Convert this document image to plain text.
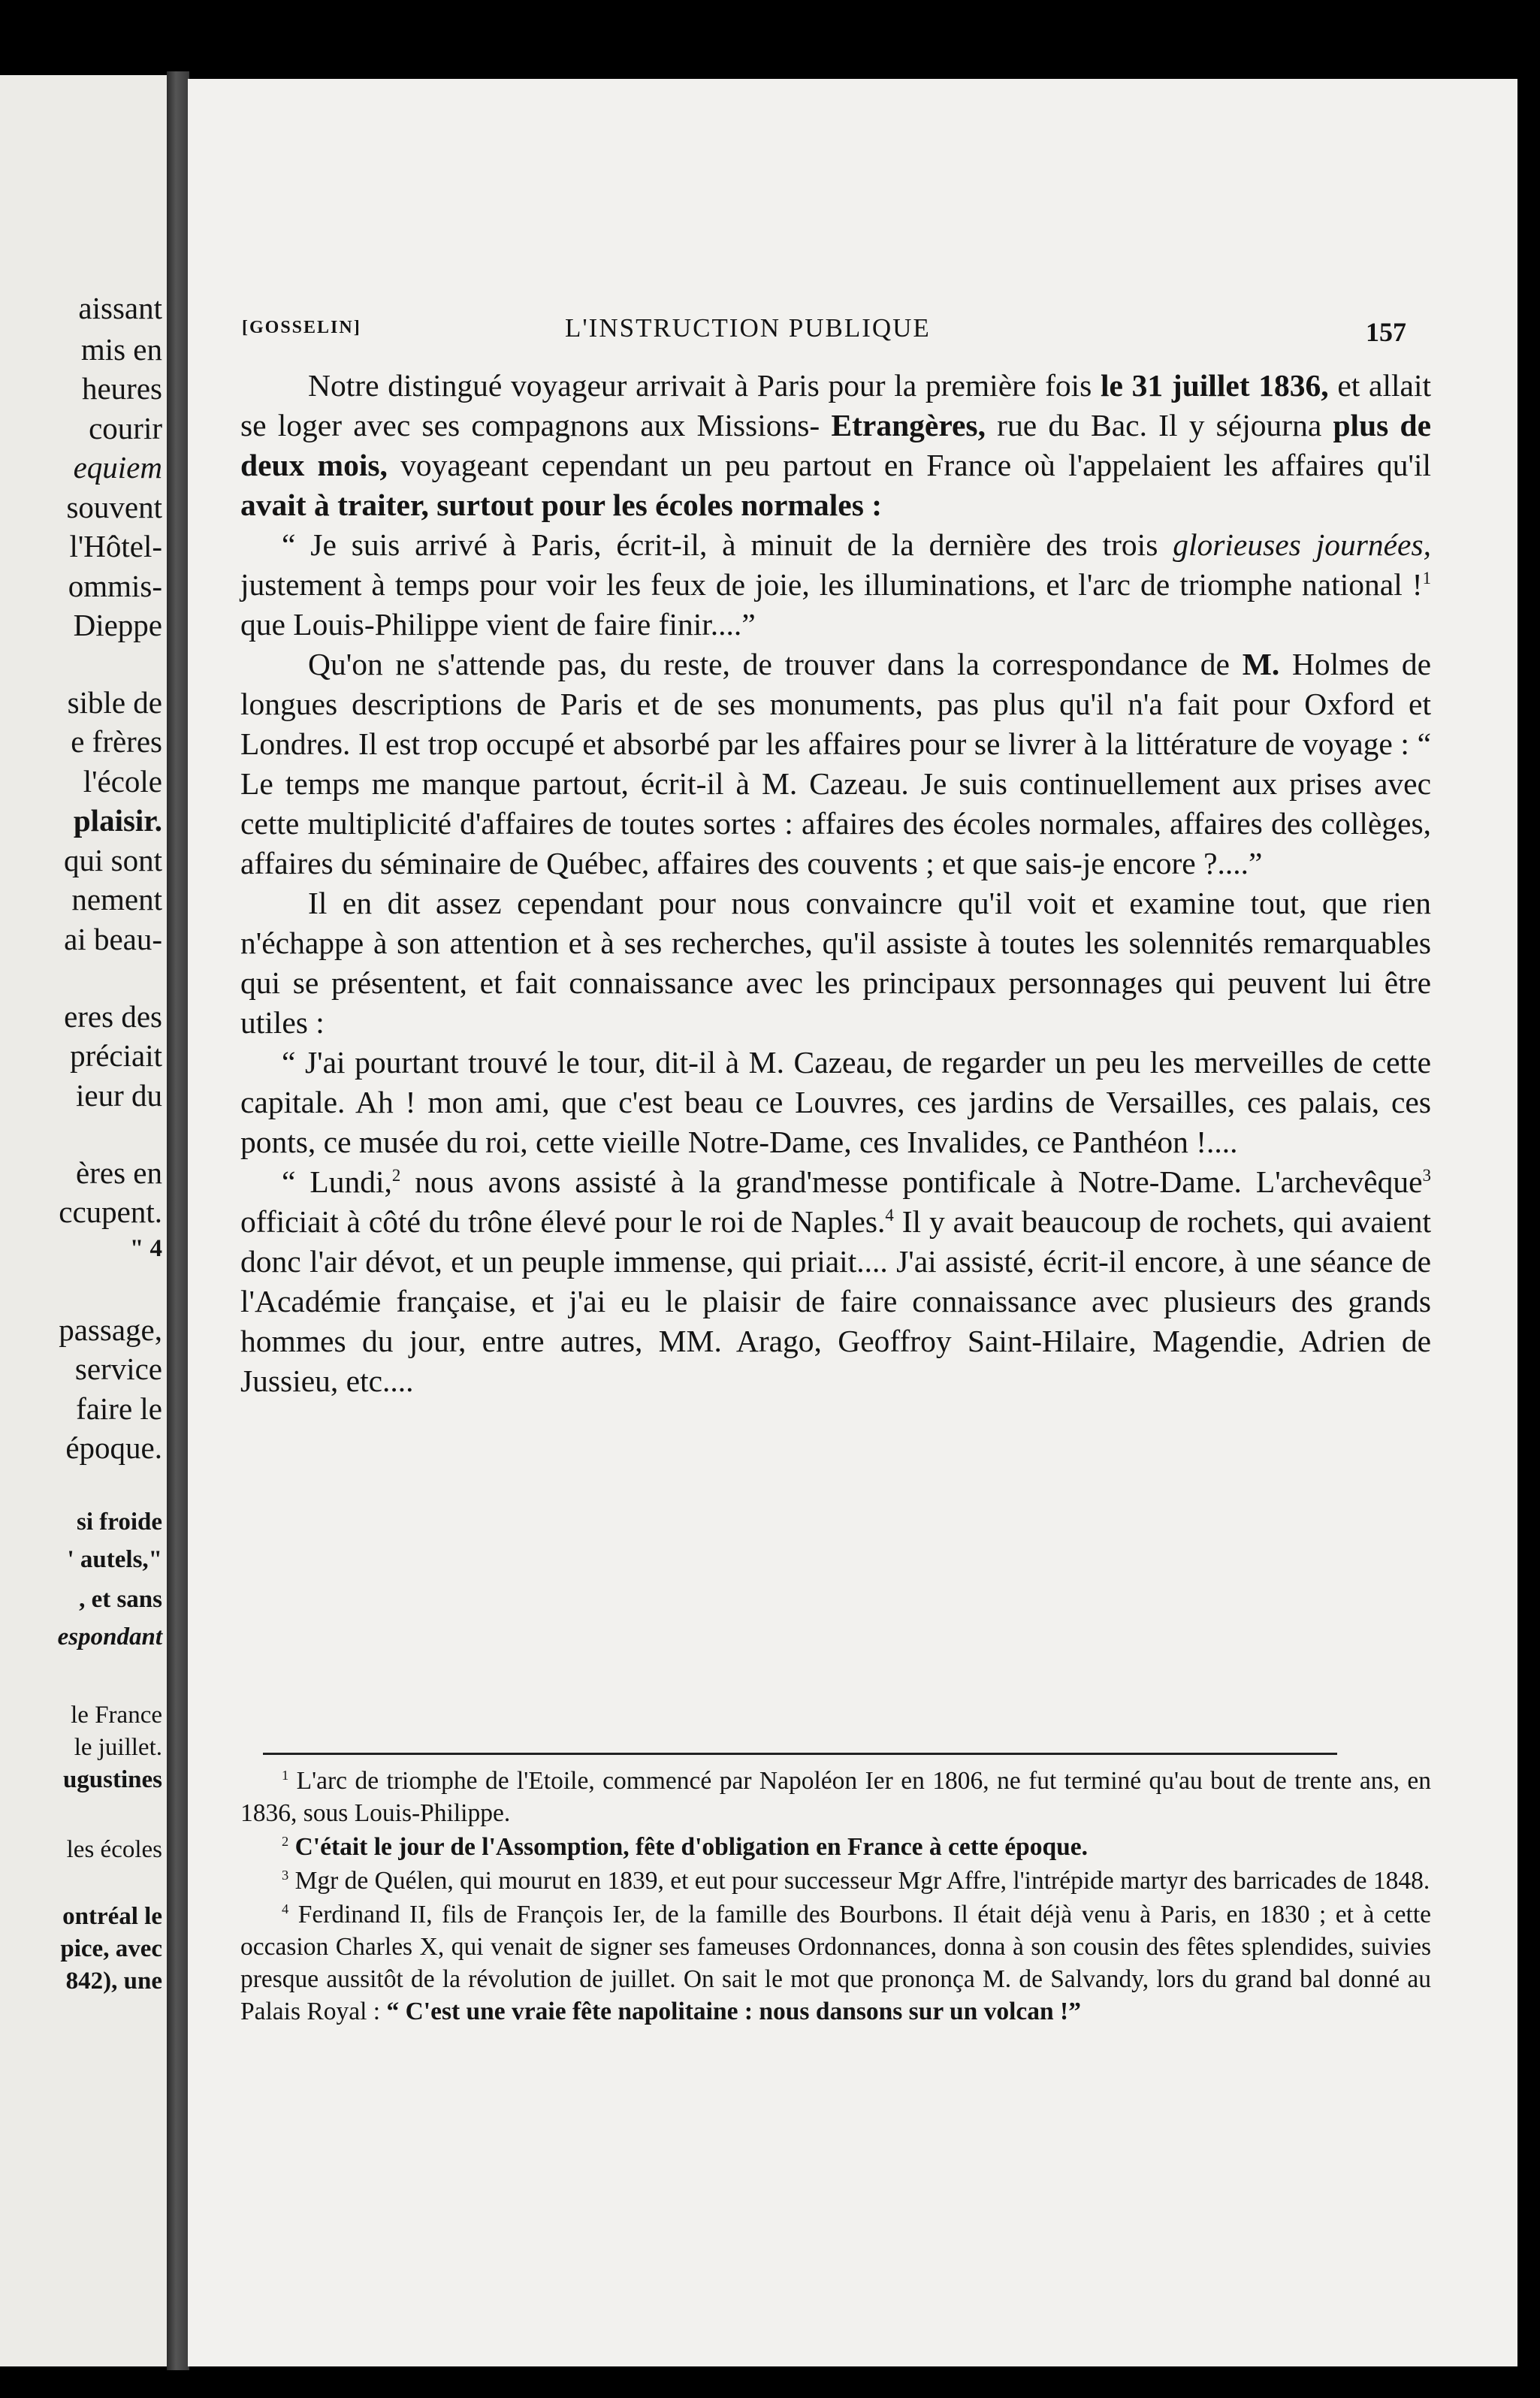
aissant
mis en
heures
courir
equiem
souvent
l'Hôtel-
ommis-
Dieppe
sible de
e frères
l'école
plaisir.
qui sont
nement
ai beau-
eres des
préciait
ieur du
ères en
ccupent.
" 4
passage,
service
faire le
époque.
si froide
' autels,"
, et sans
espondant
le France
le juillet.
ugustines
les écoles
ontréal le
pice, avec
842), une
[GOSSELIN]	L'INSTRUCTION PUBLIQUE	157

Notre distingué voyageur arrivait à Paris pour la première fois le 31 juillet 1836, et allait se loger avec ses compagnons aux Missions- Etrangères, rue du Bac. Il y séjourna plus de deux mois, voyageant cependant un peu partout en France où l'appelaient les affaires qu'il avait à traiter, surtout pour les écoles normales :

“ Je suis arrivé à Paris, écrit-il, à minuit de la dernière des trois glorieuses journées, justement à temps pour voir les feux de joie, les illuminations, et l'arc de triomphe national !$^1$ que Louis-Philippe vient de faire finir....”

Qu'on ne s'attende pas, du reste, de trouver dans la correspondance de M. Holmes de longues descriptions de Paris et de ses monuments, pas plus qu'il n'a fait pour Oxford et Londres. Il est trop occupé et absorbé par les affaires pour se livrer à la littérature de voyage : “ Le temps me manque partout, écrit-il à M. Cazeau. Je suis continuellement aux prises avec cette multiplicité d'affaires de toutes sortes : affaires des écoles normales, affaires des collèges, affaires du séminaire de Québec, affaires des couvents ; et que sais-je encore ?....”

Il en dit assez cependant pour nous convaincre qu'il voit et examine tout, que rien n'échappe à son attention et à ses recherches, qu'il assiste à toutes les solennités remarquables qui se présentent, et fait connaissance avec les principaux personnages qui peuvent lui être utiles :

“ J'ai pourtant trouvé le tour, dit-il à M. Cazeau, de regarder un peu les merveilles de cette capitale. Ah ! mon ami, que c'est beau ce Louvres, ces jardins de Versailles, ces palais, ces ponts, ce musée du roi, cette vieille Notre-Dame, ces Invalides, ce Panthéon !....

“ Lundi,$^2$ nous avons assisté à la grand'messe pontificale à Notre-Dame. L'archevêque$^3$ officiait à côté du trône élevé pour le roi de Naples.$^4$ Il y avait beaucoup de rochets, qui avaient donc l'air dévot, et un peuple immense, qui priait.... J'ai assisté, écrit-il encore, à une séance de l'Académie française, et j'ai eu le plaisir de faire connaissance avec plusieurs des grands hommes du jour, entre autres, MM. Arago, Geoffroy Saint-Hilaire, Magendie, Adrien de Jussieu, etc....

$^1$ L'arc de triomphe de l'Etoile, commencé par Napoléon Ier en 1806, ne fut terminé qu'au bout de trente ans, en 1836, sous Louis-Philippe.

$^2$ C'était le jour de l'Assomption, fête d'obligation en France à cette époque.

$^3$ Mgr de Quélen, qui mourut en 1839, et eut pour successeur Mgr Affre, l'intrépide martyr des barricades de 1848.

$^4$ Ferdinand II, fils de François Ier, de la famille des Bourbons. Il était déjà venu à Paris, en 1830 ; et à cette occasion Charles X, qui venait de signer ses fameuses Ordonnances, donna à son cousin des fêtes splendides, suivies presque aussitôt de la révolution de juillet. On sait le mot que prononça M. de Salvandy, lors du grand bal donné au Palais Royal : “ C'est une vraie fête napolitaine : nous dansons sur un volcan !”
